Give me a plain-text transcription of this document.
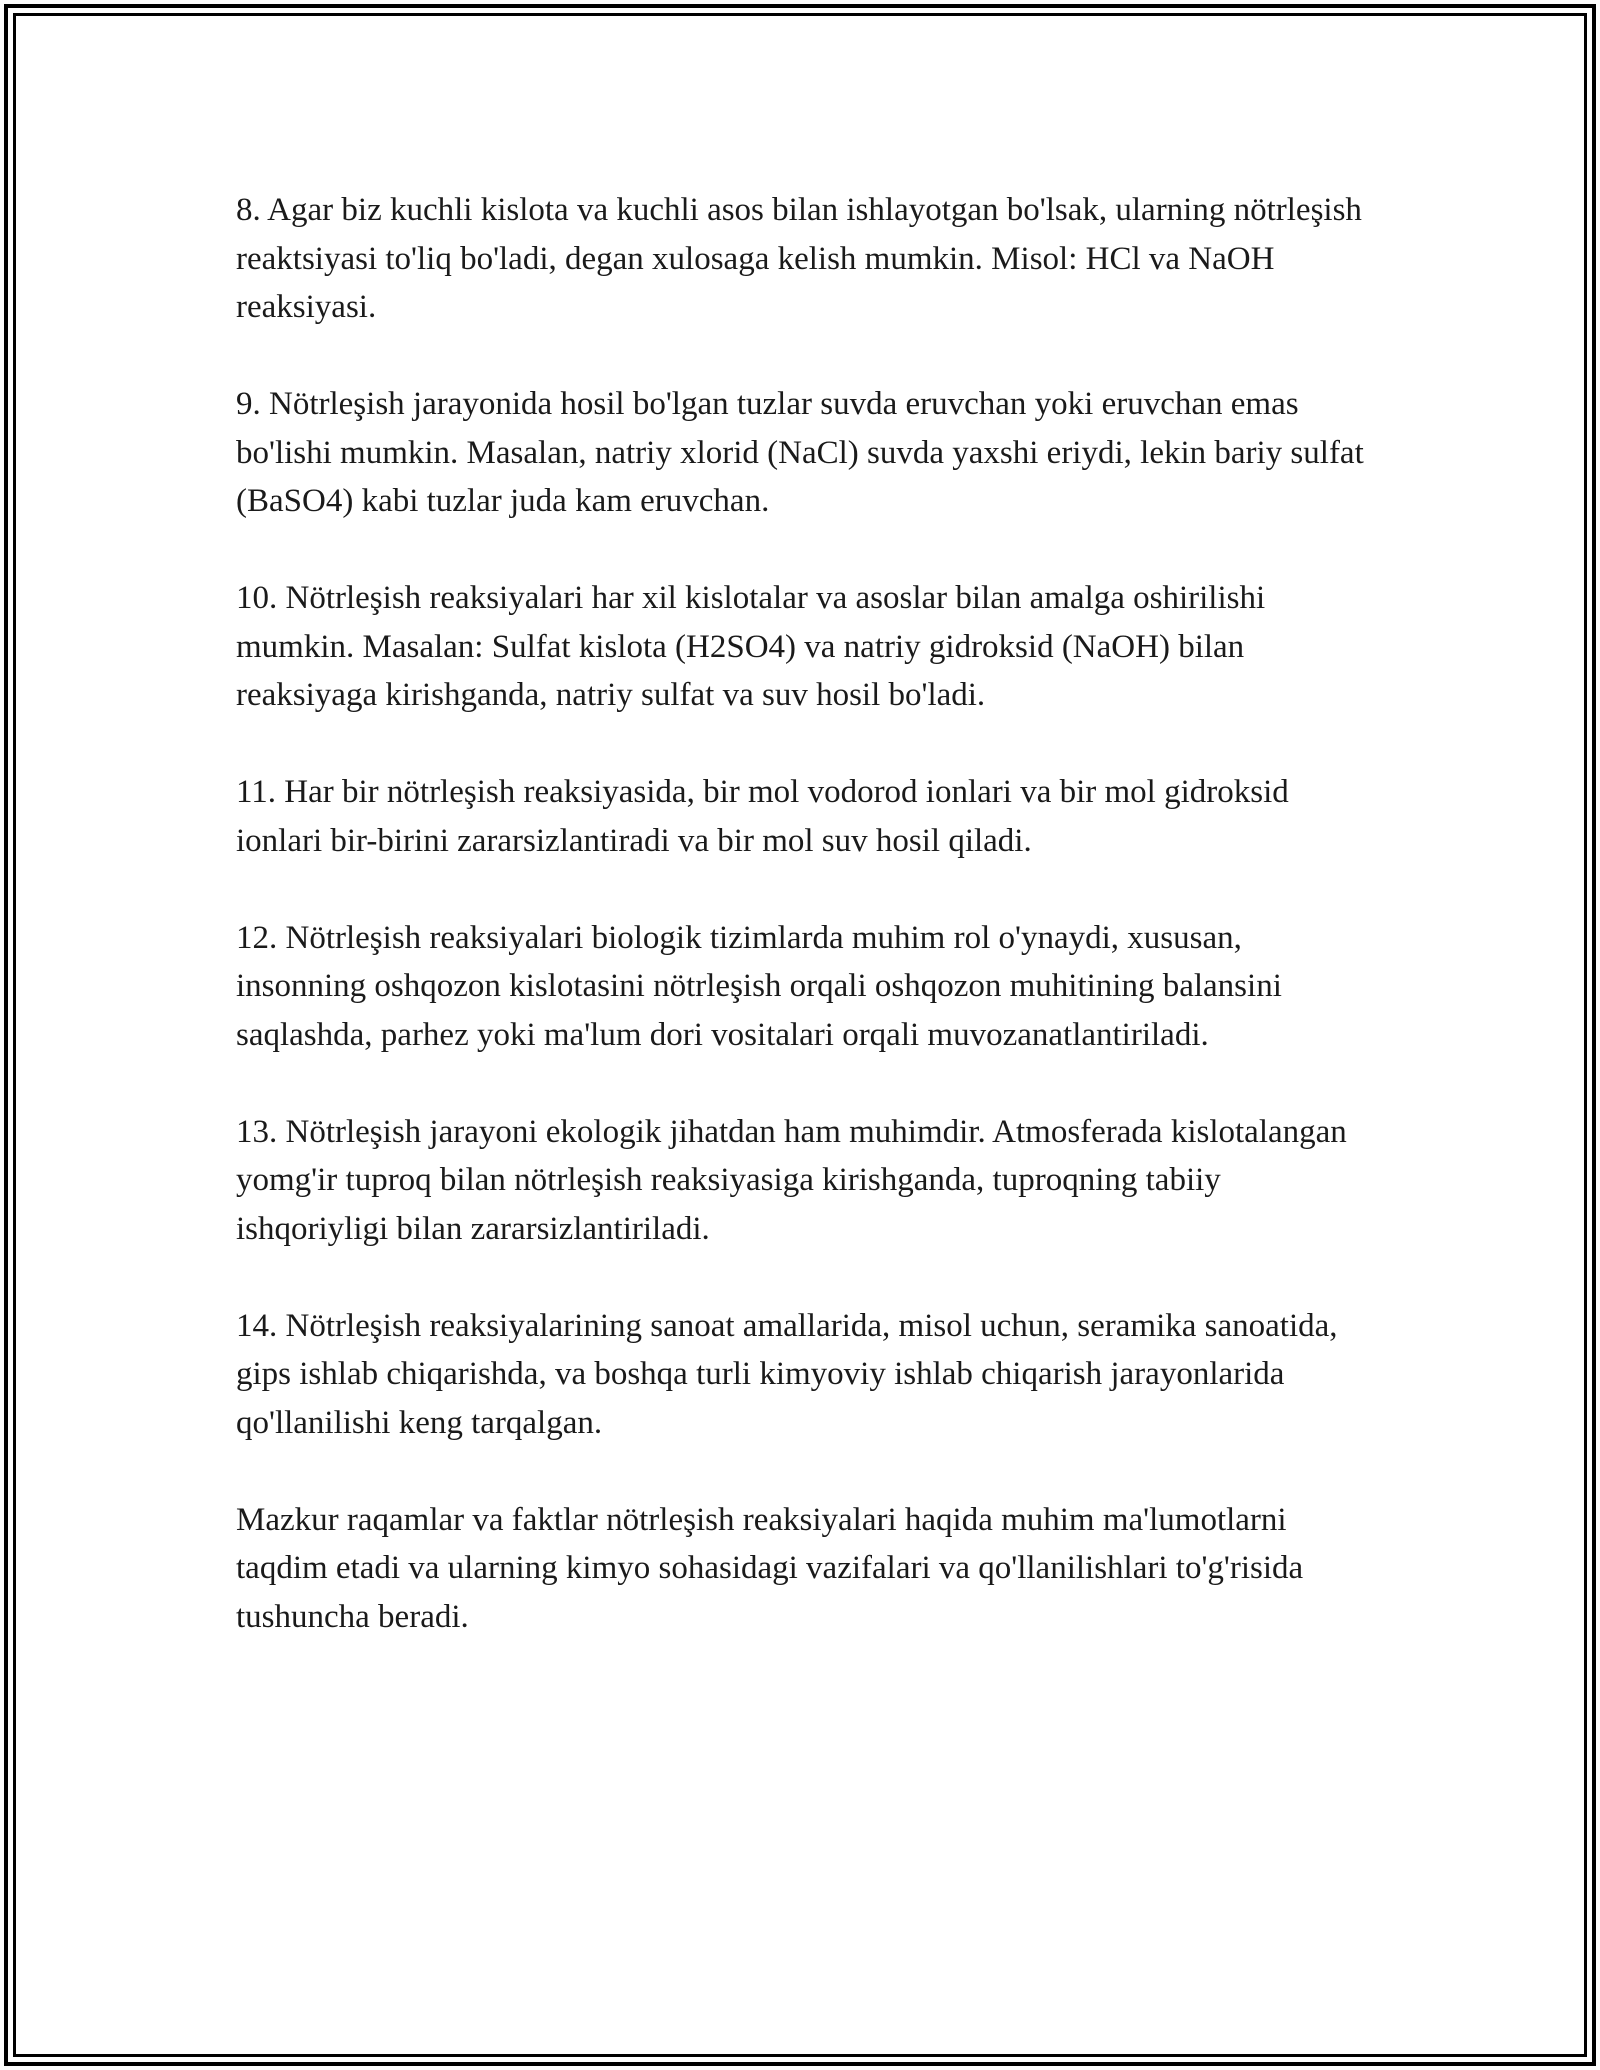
8. Agar biz kuchli kislota va kuchli asos bilan ishlayotgan bo'lsak, ularning nötrleşish reaktsiyasi to'liq bo'ladi, degan xulosaga kelish mumkin. Misol: HCl va NaOH reaksiyasi.

9. Nötrleşish jarayonida hosil bo'lgan tuzlar suvda eruvchan yoki eruvchan emas bo'lishi mumkin. Masalan, natriy xlorid (NaCl) suvda yaxshi eriydi, lekin bariy sulfat (BaSO4) kabi tuzlar juda kam eruvchan.

10. Nötrleşish reaksiyalari har xil kislotalar va asoslar bilan amalga oshirilishi mumkin. Masalan: Sulfat kislota (H2SO4) va natriy gidroksid (NaOH) bilan reaksiyaga kirishganda, natriy sulfat va suv hosil bo'ladi.

11. Har bir nötrleşish reaksiyasida, bir mol vodorod ionlari va bir mol gidroksid ionlari bir-birini zararsizlantiradi va bir mol suv hosil qiladi.

12. Nötrleşish reaksiyalari biologik tizimlarda muhim rol o'ynaydi, xususan, insonning oshqozon kislotasini nötrleşish orqali oshqozon muhitining balansini saqlashda, parhez yoki ma'lum dori vositalari orqali muvozanatlantiriladi.

13. Nötrleşish jarayoni ekologik jihatdan ham muhimdir. Atmosferada kislotalangan yomg'ir tuproq bilan nötrleşish reaksiyasiga kirishganda, tuproqning tabiiy ishqoriyligi bilan zararsizlantiriladi.

14. Nötrleşish reaksiyalarining sanoat amallarida, misol uchun, seramika sanoatida, gips ishlab chiqarishda, va boshqa turli kimyoviy ishlab chiqarish jarayonlarida qo'llanilishi keng tarqalgan.

Mazkur raqamlar va faktlar nötrleşish reaksiyalari haqida muhim ma'lumotlarni taqdim etadi va ularning kimyo sohasidagi vazifalari va qo'llanilishlari to'g'risida tushuncha beradi.
